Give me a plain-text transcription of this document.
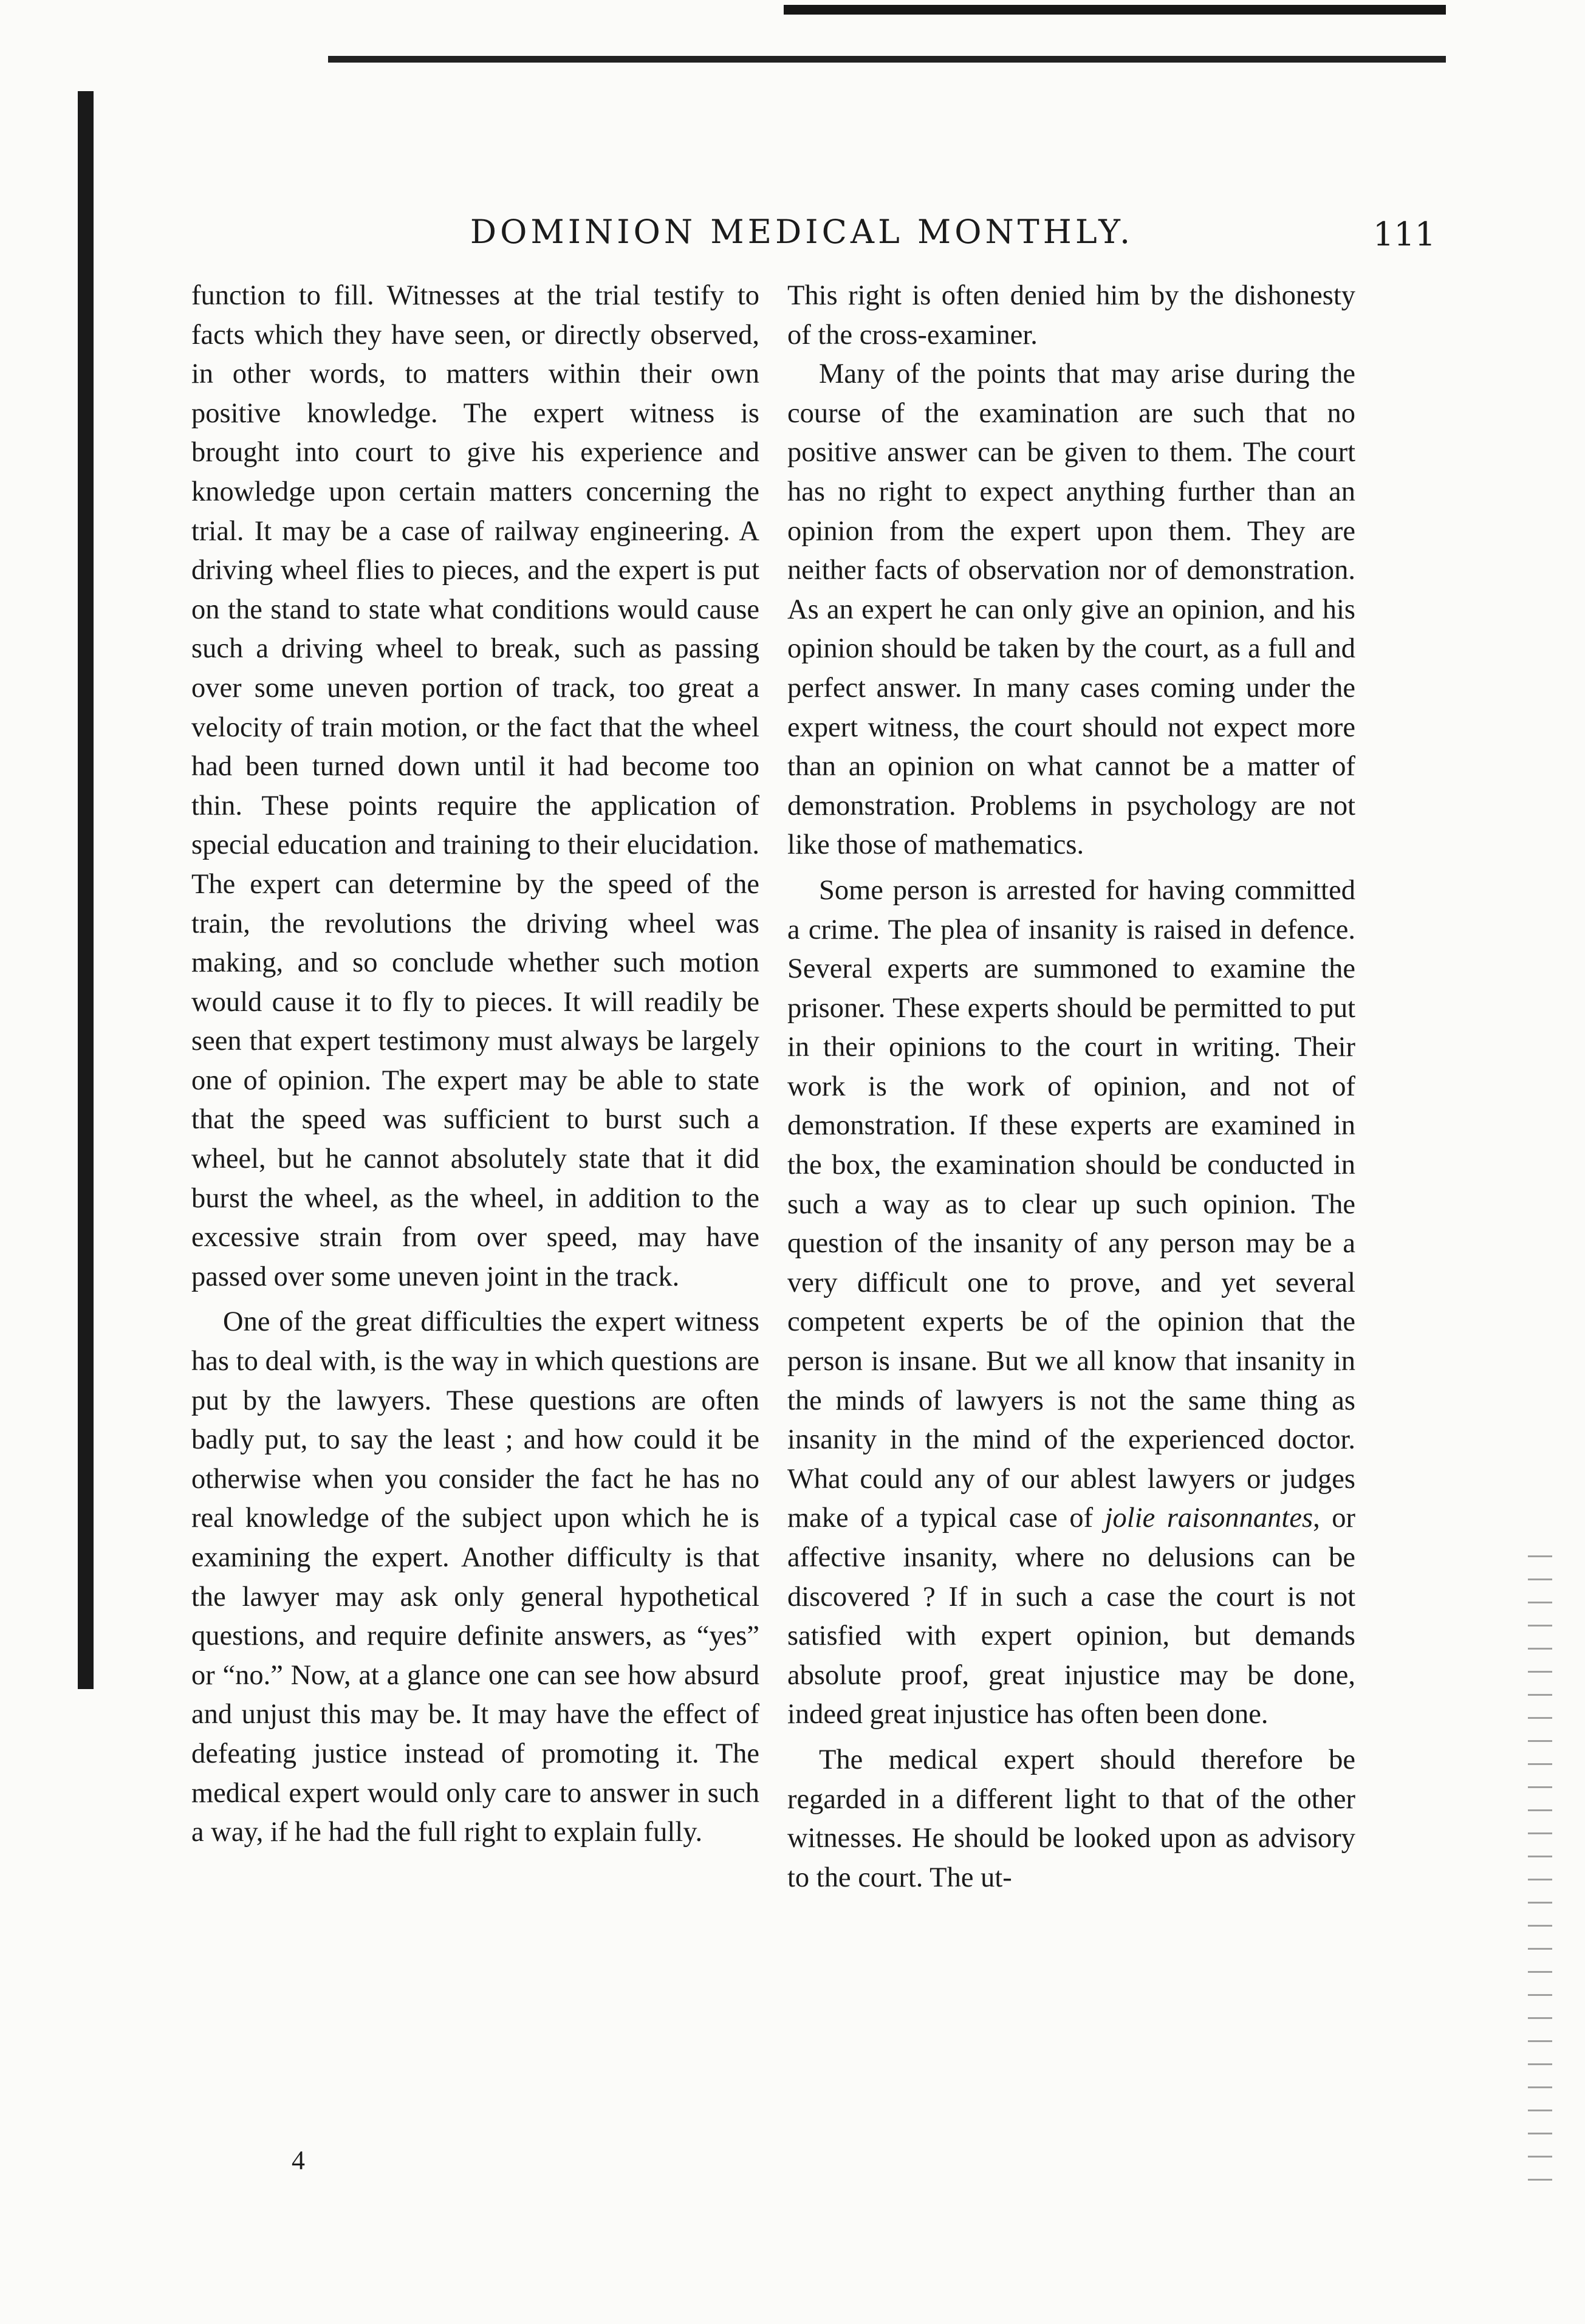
DOMINION MEDICAL MONTHLY.	111

function to fill. Witnesses at the trial testify to facts which they have seen, or directly observed, in other words, to matters within their own positive knowledge. The expert witness is brought into court to give his experience and knowledge upon certain matters concerning the trial. It may be a case of railway engineering. A driving wheel flies to pieces, and the expert is put on the stand to state what conditions would cause such a driving wheel to break, such as passing over some uneven portion of track, too great a velocity of train motion, or the fact that the wheel had been turned down until it had become too thin. These points require the application of special education and training to their elucidation. The expert can determine by the speed of the train, the revolutions the driving wheel was making, and so conclude whether such motion would cause it to fly to pieces. It will readily be seen that expert testimony must always be largely one of opinion. The expert may be able to state that the speed was sufficient to burst such a wheel, but he cannot absolutely state that it did burst the wheel, as the wheel, in addition to the excessive strain from over speed, may have passed over some uneven joint in the track.

One of the great difficulties the expert witness has to deal with, is the way in which questions are put by the lawyers. These questions are often badly put, to say the least ; and how could it be otherwise when you consider the fact he has no real knowledge of the subject upon which he is examining the expert. Another difficulty is that the lawyer may ask only general hypothetical questions, and require definite answers, as “yes” or “no.” Now, at a glance one can see how absurd and unjust this may be. It may have the effect of defeating justice instead of promoting it. The medical expert would only care to answer in such a way, if he had the full right to explain fully.

This right is often denied him by the dishonesty of the cross-examiner.

Many of the points that may arise during the course of the examination are such that no positive answer can be given to them. The court has no right to expect anything further than an opinion from the expert upon them. They are neither facts of observation nor of demonstration. As an expert he can only give an opinion, and his opinion should be taken by the court, as a full and perfect answer. In many cases coming under the expert witness, the court should not expect more than an opinion on what cannot be a matter of demonstration. Problems in psychology are not like those of mathematics.

Some person is arrested for having committed a crime. The plea of insanity is raised in defence. Several experts are summoned to examine the prisoner. These experts should be permitted to put in their opinions to the court in writing. Their work is the work of opinion, and not of demonstration. If these experts are examined in the box, the examination should be conducted in such a way as to clear up such opinion. The question of the insanity of any person may be a very difficult one to prove, and yet several competent experts be of the opinion that the person is insane. But we all know that insanity in the minds of lawyers is not the same thing as insanity in the mind of the experienced doctor. What could any of our ablest lawyers or judges make of a typical case of jolie raisonnantes, or affective insanity, where no delusions can be discovered ? If in such a case the court is not satisfied with expert opinion, but demands absolute proof, great injustice may be done, indeed great injustice has often been done.

The medical expert should therefore be regarded in a different light to that of the other witnesses. He should be looked upon as advisory to the court. The ut-

4
